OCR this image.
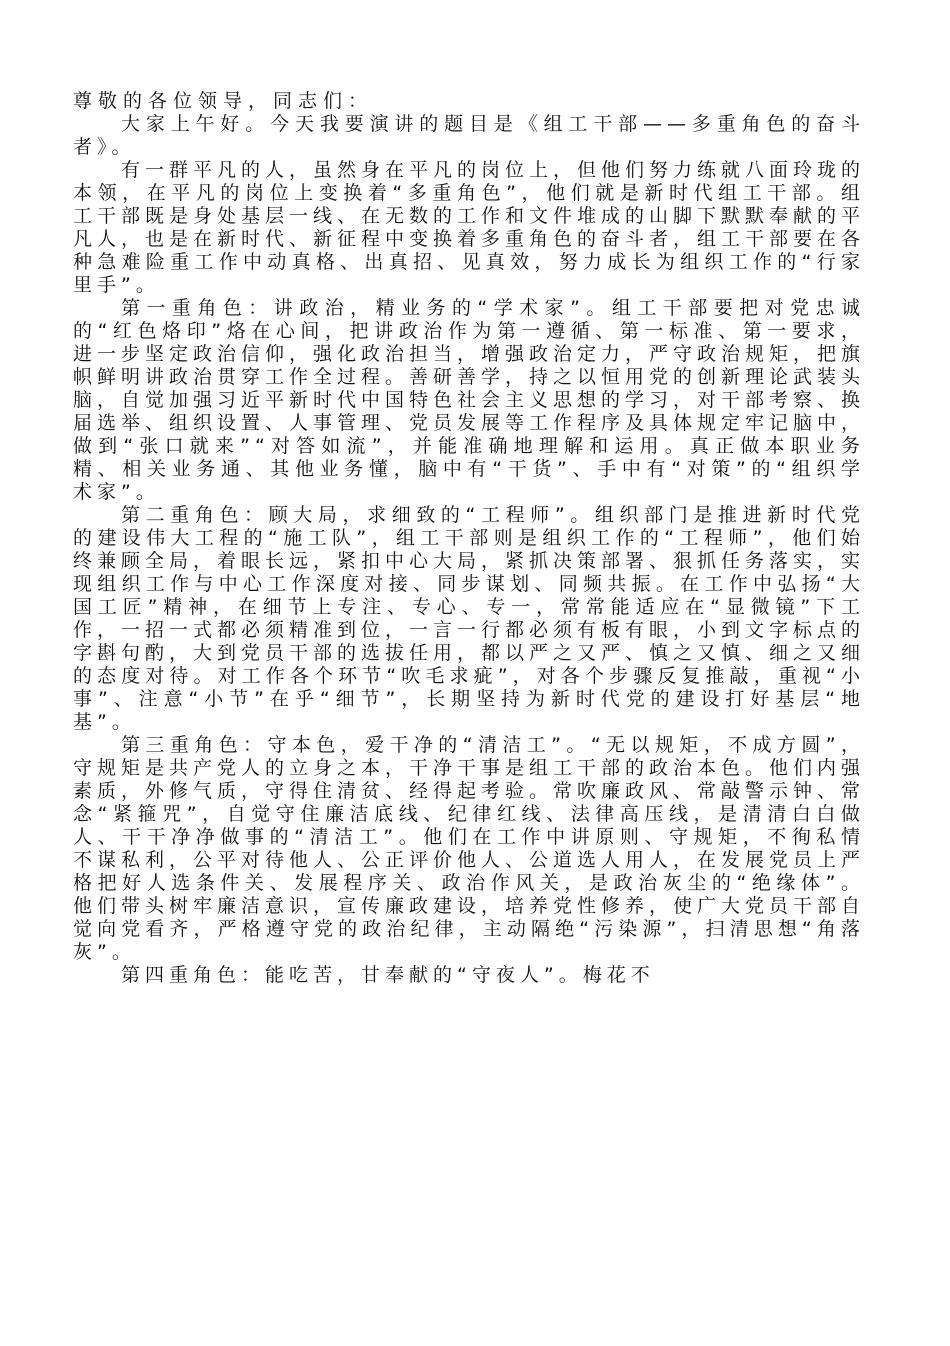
尊敬的各位领导，同志们：

大家上午好。今天我要演讲的题目是《组工干部——多重角色的奋斗者》。

有一群平凡的人，虽然身在平凡的岗位上，但他们努力练就八面玲珑的本领，在平凡的岗位上变换着“多重角色”，他们就是新时代组工干部。组工干部既是身处基层一线、在无数的工作和文件堆成的山脚下默默奉献的平凡人，也是在新时代、新征程中变换着多重角色的奋斗者，组工干部要在各种急难险重工作中动真格、出真招、见真效，努力成长为组织工作的“行家里手”。

第一重角色：讲政治，精业务的“学术家”。组工干部要把对党忠诚的“红色烙印”烙在心间，把讲政治作为第一遵循、第一标准、第一要求，进一步坚定政治信仰，强化政治担当，增强政治定力，严守政治规矩，把旗帜鲜明讲政治贯穿工作全过程。善研善学，持之以恒用党的创新理论武装头脑，自觉加强习近平新时代中国特色社会主义思想的学习，对干部考察、换届选举、组织设置、人事管理、党员发展等工作程序及具体规定牢记脑中，做到“张口就来”“对答如流”，并能准确地理解和运用。真正做本职业务精、相关业务通、其他业务懂，脑中有“干货”、手中有“对策”的“组织学术家”。

第二重角色：顾大局，求细致的“工程师”。组织部门是推进新时代党的建设伟大工程的“施工队”，组工干部则是组织工作的“工程师”，他们始终兼顾全局，着眼长远，紧扣中心大局，紧抓决策部署、狠抓任务落实，实现组织工作与中心工作深度对接、同步谋划、同频共振。在工作中弘扬“大国工匠”精神，在细节上专注、专心、专一，常常能适应在“显微镜”下工作，一招一式都必须精准到位，一言一行都必须有板有眼，小到文字标点的字斟句酌，大到党员干部的选拔任用，都以严之又严、慎之又慎、细之又细的态度对待。对工作各个环节“吹毛求疵”，对各个步骤反复推敲，重视“小事”、注意“小节”在乎“细节”，长期坚持为新时代党的建设打好基层“地基”。

第三重角色：守本色，爱干净的“清洁工”。“无以规矩，不成方圆”，守规矩是共产党人的立身之本，干净干事是组工干部的政治本色。他们内强素质，外修气质，守得住清贫、经得起考验。常吹廉政风、常敲警示钟、常念“紧箍咒”，自觉守住廉洁底线、纪律红线、法律高压线，是清清白白做人、干干净净做事的“清洁工”。他们在工作中讲原则、守规矩，不徇私情不谋私利，公平对待他人、公正评价他人、公道选人用人，在发展党员上严格把好人选条件关、发展程序关、政治作风关，是政治灰尘的“绝缘体”。他们带头树牢廉洁意识，宣传廉政建设，培养党性修养，使广大党员干部自觉向党看齐，严格遵守党的政治纪律，主动隔绝“污染源”，扫清思想“角落灰”。

第四重角色：能吃苦，甘奉献的“守夜人”。梅花不
